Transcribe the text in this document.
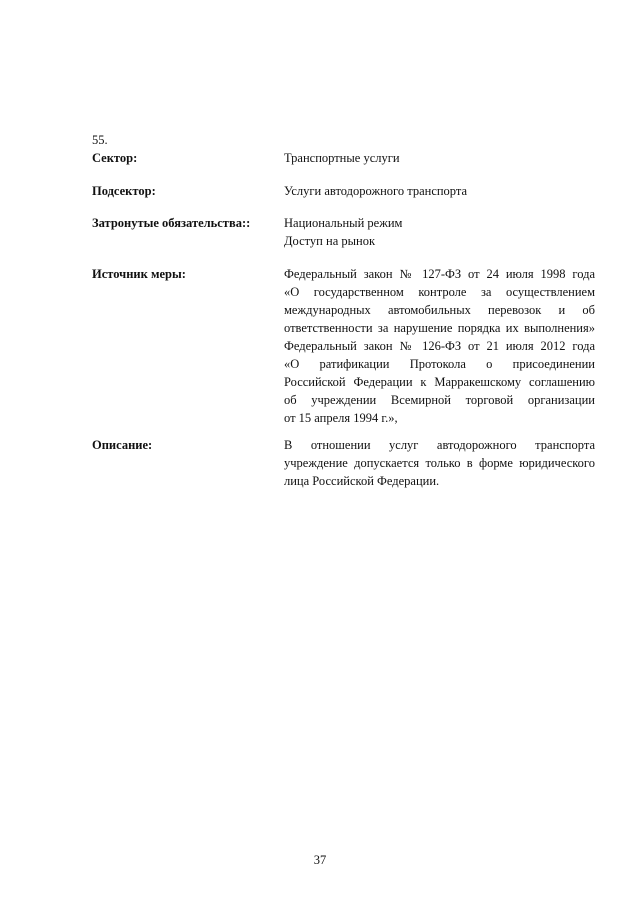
55.
Сектор:	Транспортные услуги
Подсектор:	Услуги автодорожного транспорта
Затронутые обязательства::	Национальный режим
Доступ на рынок
Источник меры:	Федеральный закон № 127-ФЗ от 24 июля 1998 года
«О государственном контроле за осуществлением
международных автомобильных перевозок и об
ответственности за нарушение порядка их выполнения»
Федеральный закон № 126-ФЗ от 21 июля 2012 года
«О ратификации Протокола о присоединении
Российской Федерации к Марракешскому соглашению
об учреждении Всемирной торговой организации
от 15 апреля 1994 г.»,
Описание:	В отношении услуг автодорожного транспорта
учреждение допускается только в форме юридического
лица Российской Федерации.
37
